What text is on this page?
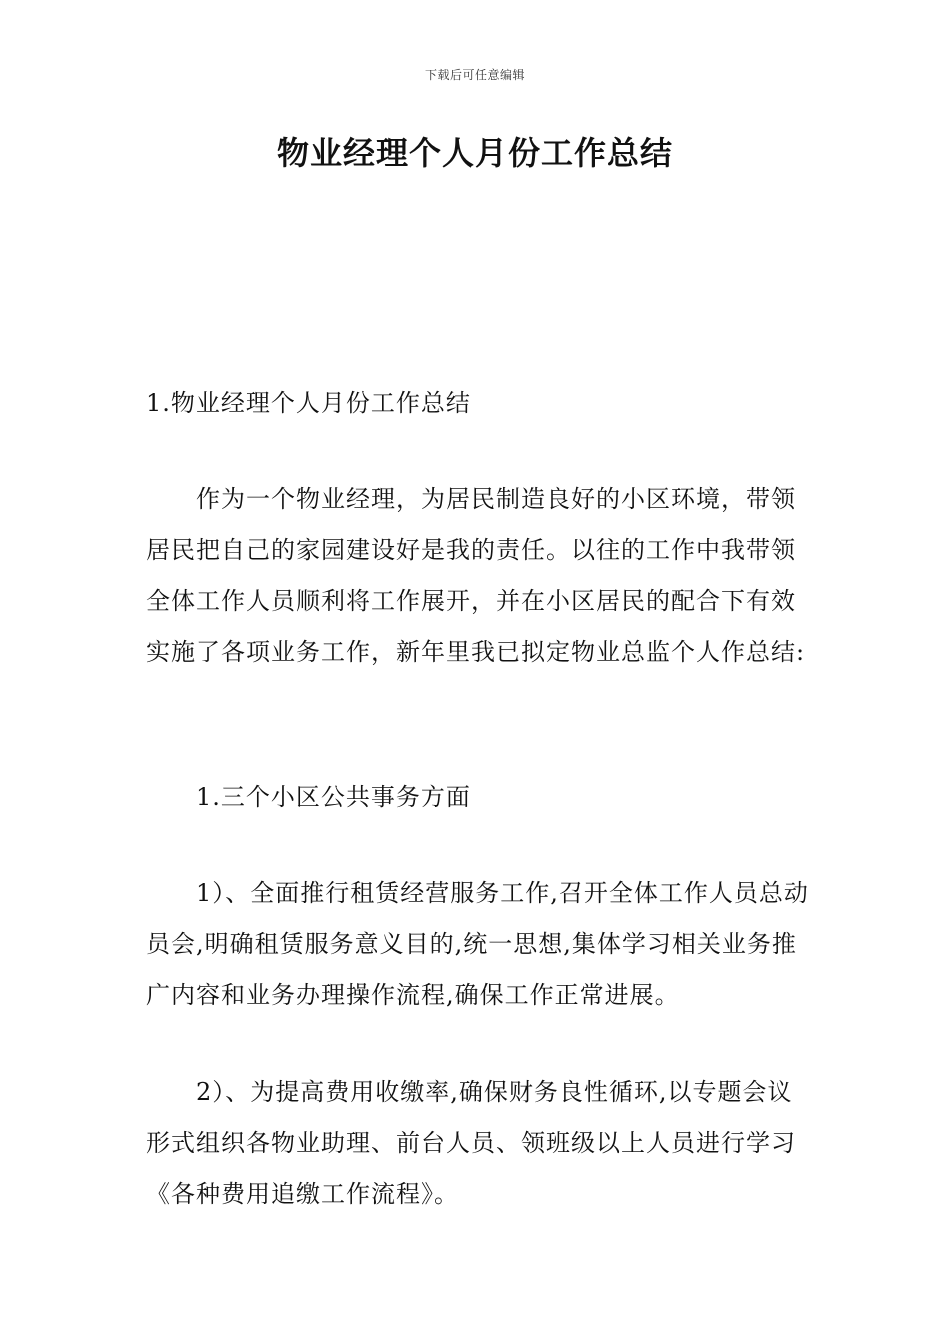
下载后可任意编辑
物业经理个人月份工作总结
1.物业经理个人月份工作总结
作为一个物业经理，为居民制造良好的小区环境，带领居民把自己的家园建设好是我的责任。以往的工作中我带领全体工作人员顺利将工作展开，并在小区居民的配合下有效实施了各项业务工作，新年里我已拟定物业总监个人作总结:
1.三个小区公共事务方面
1）、全面推行租赁经营服务工作,召开全体工作人员总动员会,明确租赁服务意义目的,统一思想,集体学习相关业务推广内容和业务办理操作流程,确保工作正常进展。
2）、为提高费用收缴率,确保财务良性循环,以专题会议形式组织各物业助理、前台人员、领班级以上人员进行学习《各种费用追缴工作流程》。
